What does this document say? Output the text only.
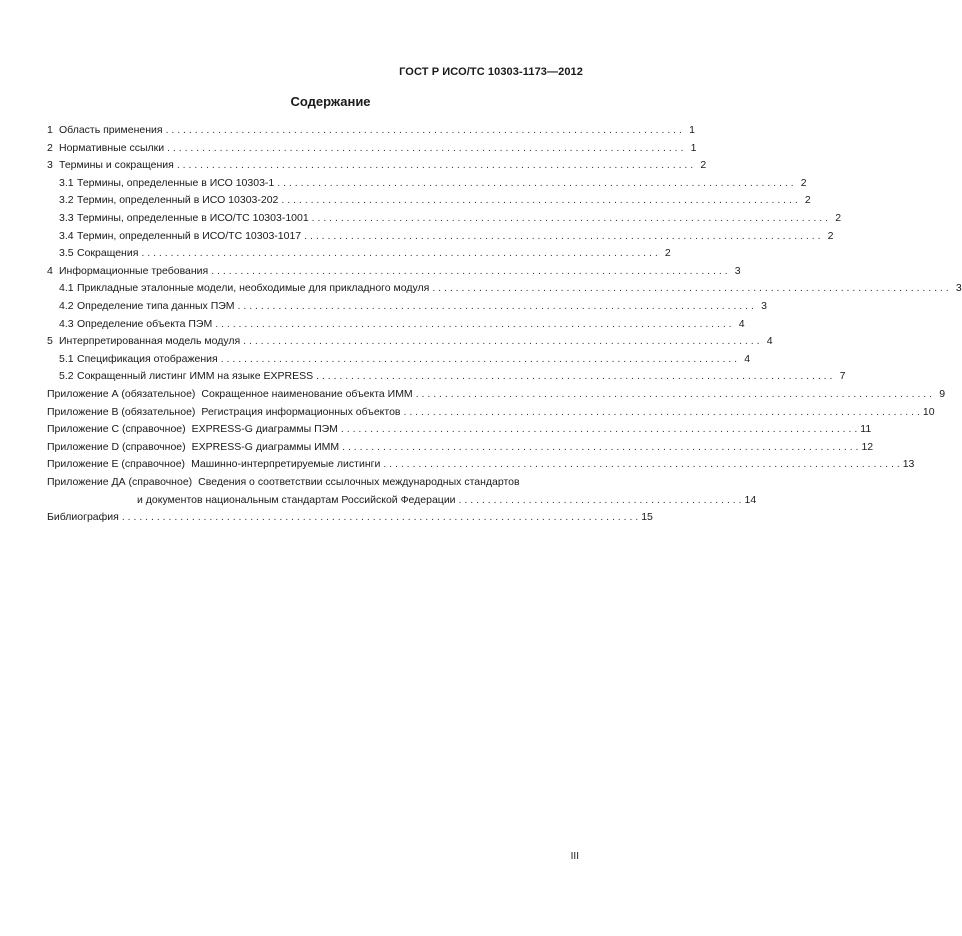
ГОСТ Р ИСО/ТС 10303-1173—2012
Содержание
1 Область применения . . .	1
2 Нормативные ссылки . . .	1
3 Термины и сокращения . . .	2
3.1 Термины, определенные в ИСО 10303-1 . . .	2
3.2 Термин, определенный в ИСО 10303-202 . . .	2
3.3 Термины, определенные в ИСО/ТС 10303-1001 . . .	2
3.4 Термин, определенный в ИСО/ТС 10303-1017 . . .	2
3.5 Сокращения . . .	2
4 Информационные требования . . .	3
4.1 Прикладные эталонные модели, необходимые для прикладного модуля . . .	3
4.2 Определение типа данных ПЭМ . . .	3
4.3 Определение объекта ПЭМ . . .	4
5 Интерпретированная модель модуля . . .	4
5.1 Спецификация отображения . . .	4
5.2 Сокращенный листинг ИММ на языке EXPRESS . . .	7
Приложение А (обязательное) Сокращенное наименование объекта ИММ . . .	9
Приложение В (обязательное) Регистрация информационных объектов . . .	10
Приложение С (справочное) EXPRESS-G диаграммы ПЭМ . . .	11
Приложение D (справочное) EXPRESS-G диаграммы ИММ . . .	12
Приложение Е (справочное) Машинно-интерпретируемые листинги . . .	13
Приложение ДА (справочное) Сведения о соответствии ссылочных международных стандартов
и документов национальным стандартам Российской Федерации . . .	14
Библиография . . .	15
III
